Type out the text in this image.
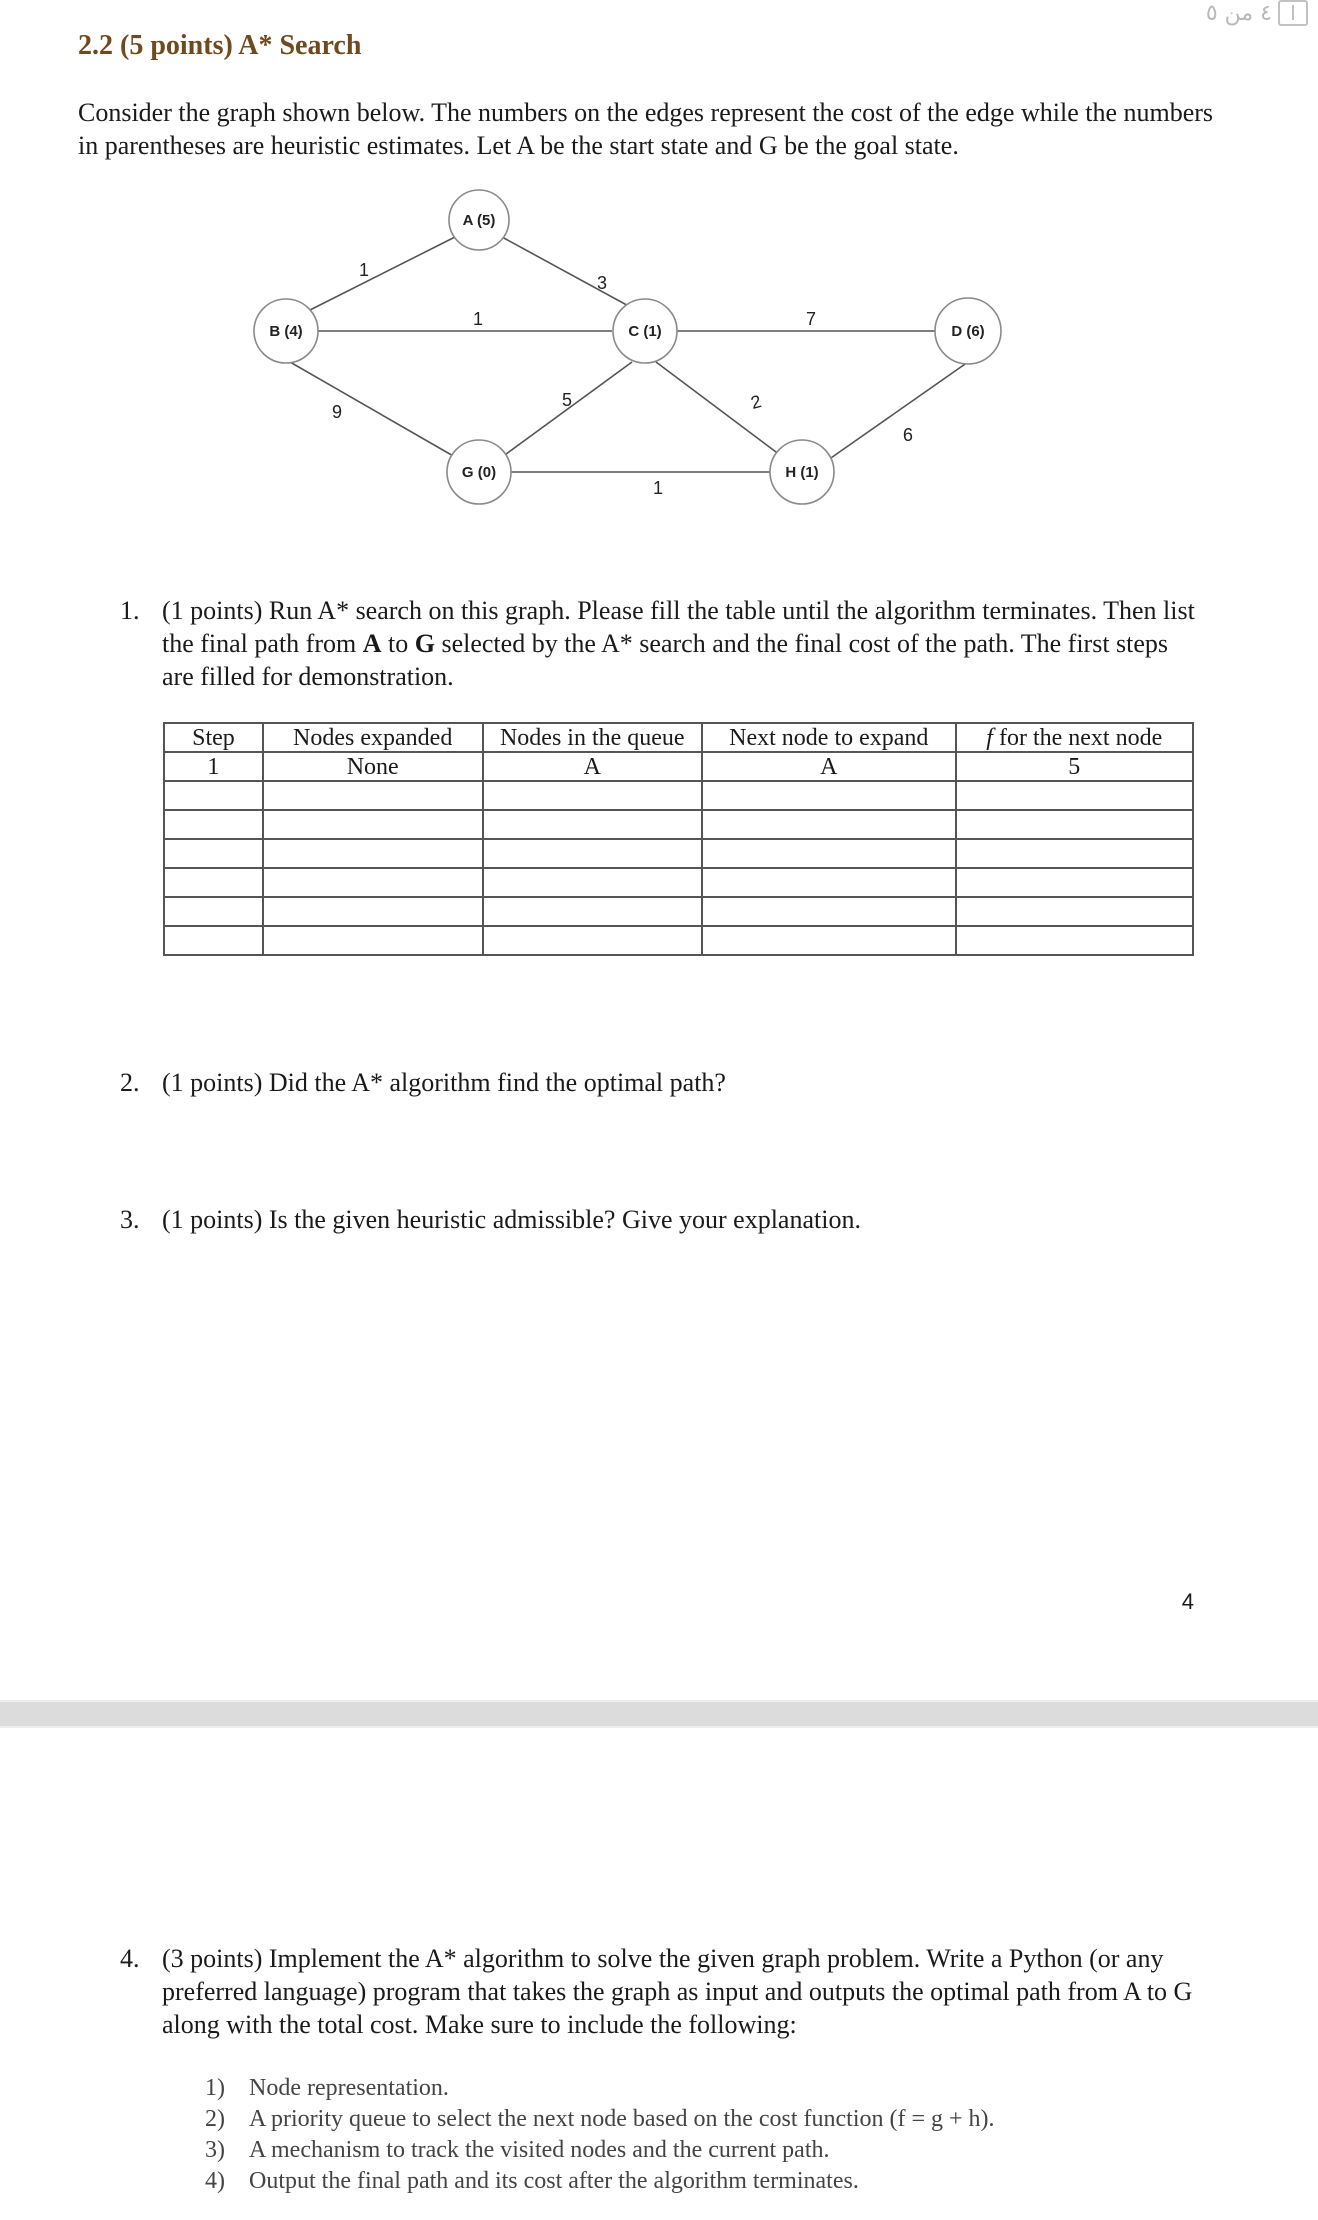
٤ من ٥
2.2 (5 points) A* Search
Consider the graph shown below. The numbers on the edges represent the cost of the edge while the numbers in parentheses are heuristic estimates. Let A be the start state and G be the goal state.
A (5)
B (4)	C (1)	D (6)
G (0)	H (1)
1
3
1	7
9
5	2
9
1
1. (1 points) Run A* search on this graph. Please fill the table until the algorithm terminates. Then list the final path from A to G selected by the A* search and the final cost of the path. The first steps are filled for demonstration.
Step	Nodes expanded	Nodes in the queue	Next node to expand	f for the next node
1	None	A	A	5

2. (1 points) Did the A* algorithm find the optimal path?
3. (1 points) Is the given heuristic admissible? Give your explanation.
4
4. (3 points) Implement the A* algorithm to solve the given graph problem. Write a Python (or any preferred language) program that takes the graph as input and outputs the optimal path from A to G along with the total cost. Make sure to include the following:
1)	Node representation.
2)	A priority queue to select the next node based on the cost function (f = g + h).
3)	A mechanism to track the visited nodes and the current path.
4)	Output the final path and its cost after the algorithm terminates.
